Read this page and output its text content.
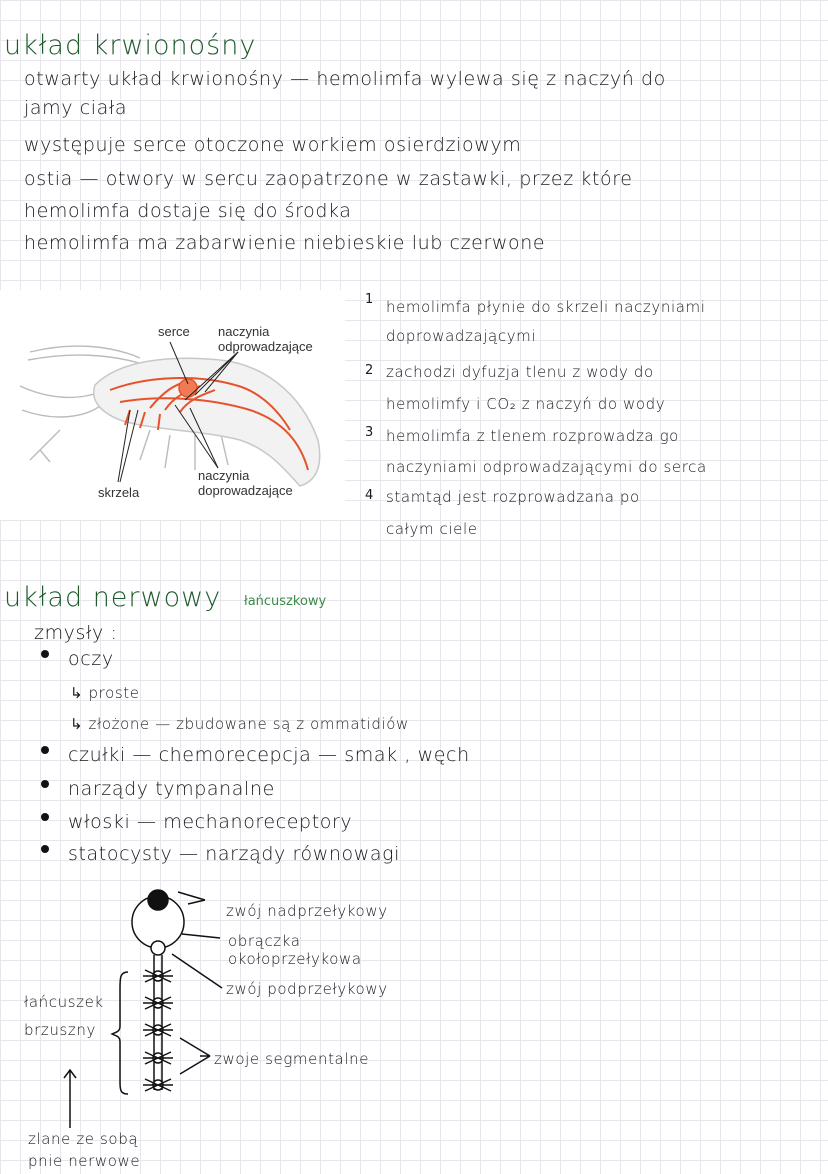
układ krwionośny
otwarty układ krwionośny — hemolimfa wylewa się z naczyń do
jamy ciała
występuje serce otoczone workiem osierdziowym
ostia — otwory w sercu zaopatrzone w zastawki, przez które
hemolimfa dostaje się do środka
hemolimfa ma zabarwienie niebieskie lub czerwone
serce naczynia
odprowadzające
skrzela
naczynia
doprowadzające
1 hemolimfa płynie do skrzeli naczyniami
doprowadzającymi
2 zachodzi dyfuzja tlenu z wody do
hemolimfy i CO₂ z naczyń do wody
3 hemolimfa z tlenem rozprowadza go
naczyniami odprowadzającymi do serca
4 stamtąd jest rozprowadzana po
całym ciele
układ nerwowy łańcuszkowy
zmysły :
oczy
↳ proste
↳ złożone — zbudowane są z ommatidiów
czułki — chemorecepcja — smak , węch
narządy tympanalne
włoski — mechanoreceptory
statocysty — narządy równowagi
zwój nadprzełykowy
obrączka
okołoprzełykowa
zwój podprzełykowy
zwoje segmentalne
łańcuszek
brzuszny
zlane ze sobą
pnie nerwowe
